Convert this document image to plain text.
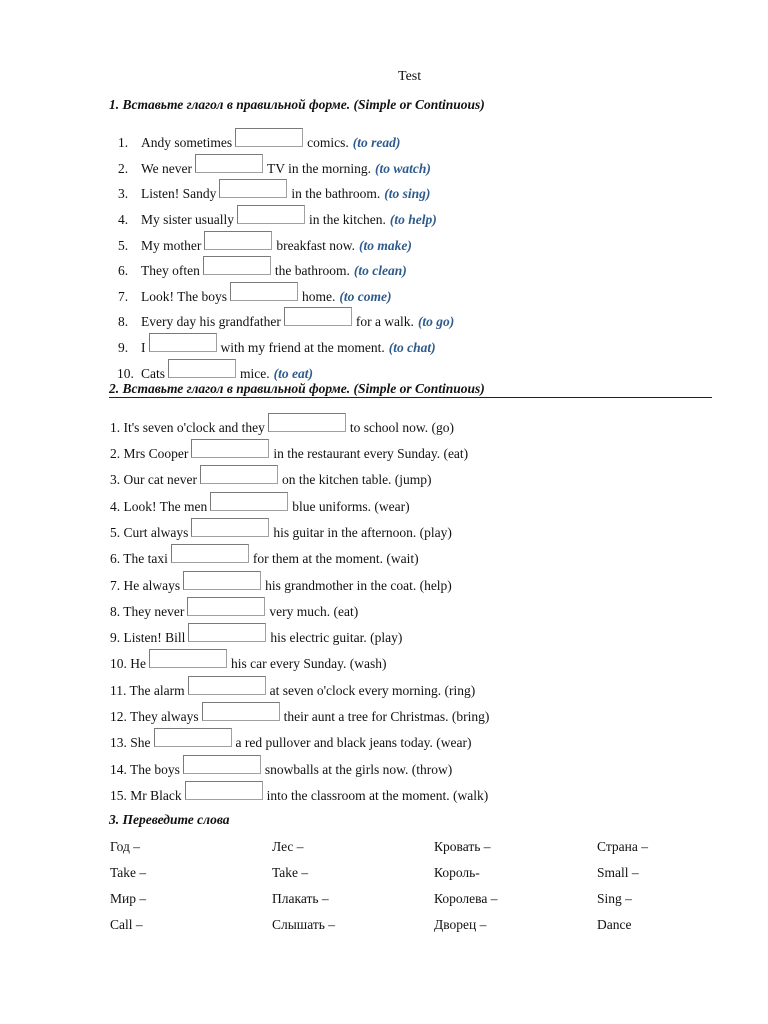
Test
1. Вставьте глагол в правильной форме. (Simple or Continuous)
1. Andy sometimes	comics. (to read)
2. We never	TV in the morning. (to watch)
3. Listen! Sandy	in the bathroom. (to sing)
4. My sister usually	in the kitchen. (to help)
5. My mother	breakfast now. (to make)
6. They often	the bathroom. (to clean)
7. Look! The boys	home. (to come)
8. Every day his grandfather	for a walk. (to go)
9. I	with my friend at the moment. (to chat)
10. Cats	mice. (to eat)
1. It's seven o'clock and they	to school now. (go)
2. Mrs Cooper	in the restaurant every Sunday. (eat)
3. Our cat never	on the kitchen table. (jump)
4. Look! The men	blue uniforms. (wear)
5. Curt always	his guitar in the afternoon. (play)
6. The taxi	for them at the moment. (wait)
7. He always	his grandmother in the coat. (help)
8. They never	very much. (eat)
9. Listen! Bill	his electric guitar. (play)
10. He	his car every Sunday. (wash)
11. The alarm	at seven o'clock every morning. (ring)
12. They always	their aunt a tree for Christmas. (bring)
13. She	a red pullover and black jeans today. (wear)
14. The boys	snowballs at the girls now. (throw)
15. Mr Black	into the classroom at the moment. (walk)
2. Вставьте глагол в правильной форме. (Simple or Continuous)
3. Переведите слова
Год –	Лес –	Кровать –	Страна –
Take –	Take –	Король-	Small –
Мир –	Плакать –	Королева –	Sing –
Call –	Слышать –	Дворец –	Dance
